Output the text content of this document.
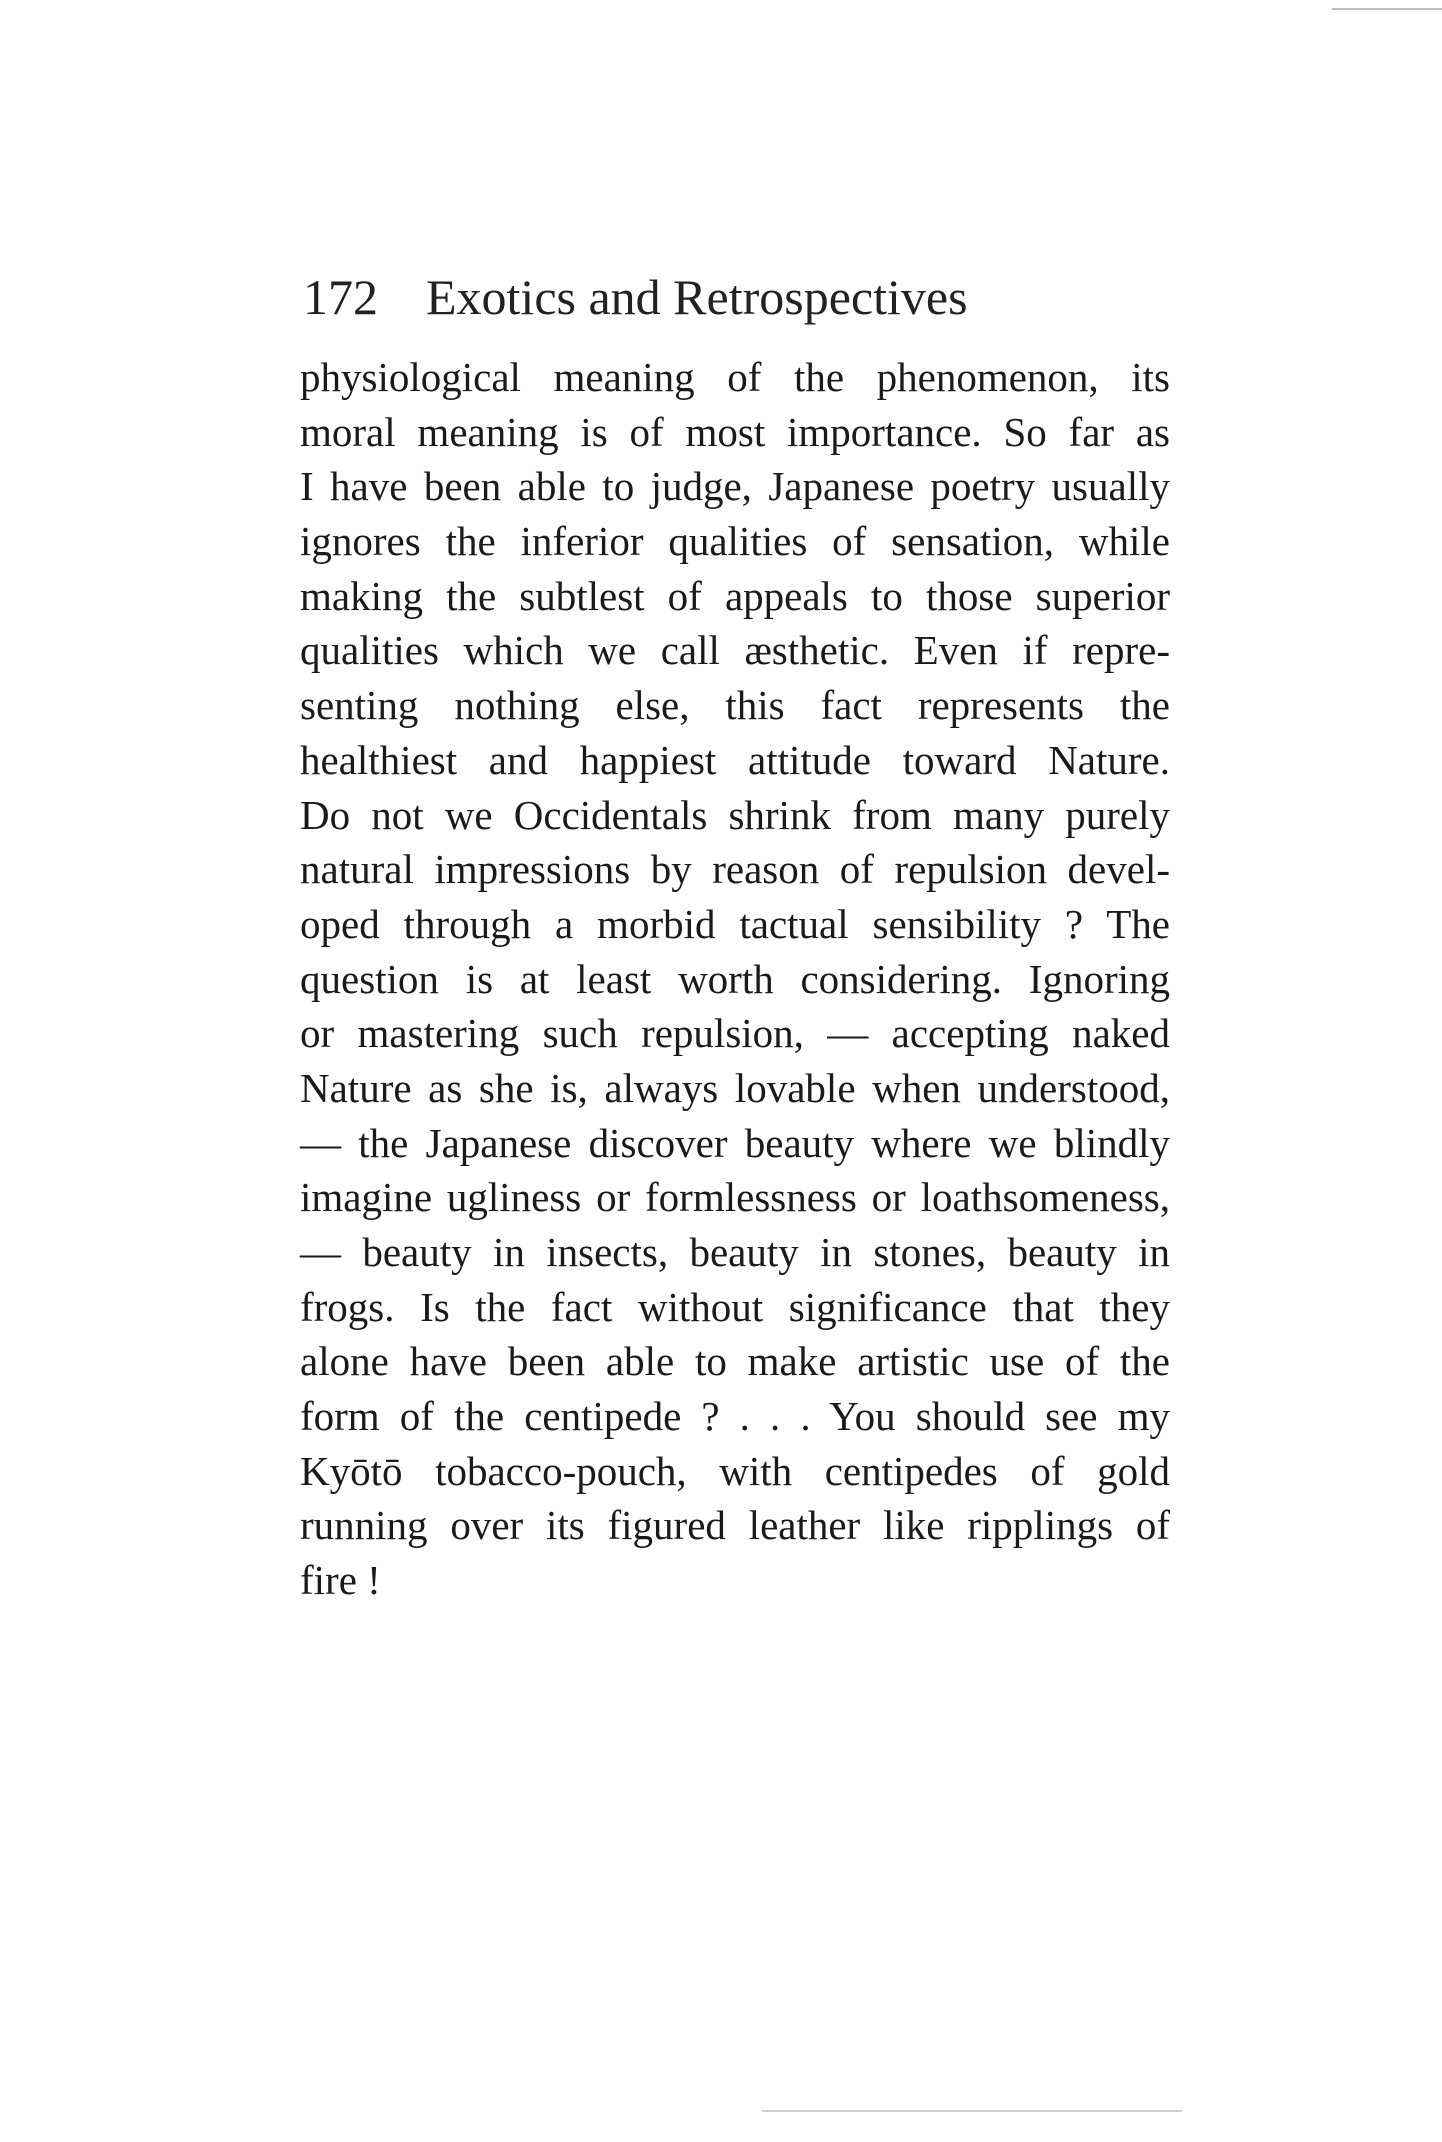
172 Exotics and Retrospectives
physiological meaning of the phenomenon, its
moral meaning is of most importance. So far as
I have been able to judge, Japanese poetry usually
ignores the inferior qualities of sensation, while
making the subtlest of appeals to those superior
qualities which we call æsthetic. Even if repre-
senting nothing else, this fact represents the
healthiest and happiest attitude toward Nature.
Do not we Occidentals shrink from many purely
natural impressions by reason of repulsion devel-
oped through a morbid tactual sensibility ? The
question is at least worth considering. Ignoring
or mastering such repulsion, — accepting naked
Nature as she is, always lovable when understood,
— the Japanese discover beauty where we blindly
imagine ugliness or formlessness or loathsomeness,
— beauty in insects, beauty in stones, beauty in
frogs. Is the fact without significance that they
alone have been able to make artistic use of the
form of the centipede ? . . . You should see my
Kyōtō tobacco-pouch, with centipedes of gold
running over its figured leather like ripplings of
fire !
